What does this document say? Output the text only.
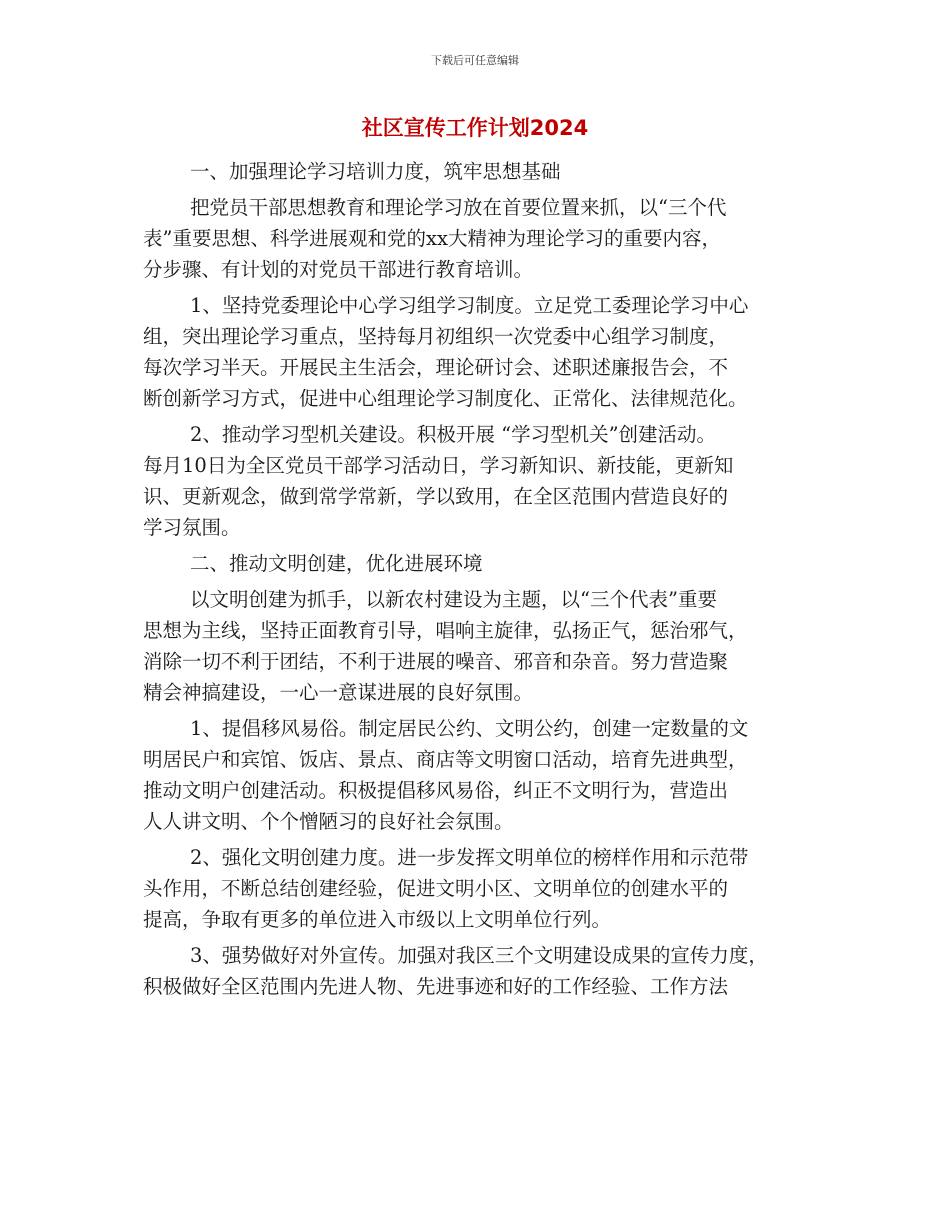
下载后可任意编辑
社区宣传工作计划2024
一、加强理论学习培训力度，筑牢思想基础
把党员干部思想教育和理论学习放在首要位置来抓，以“三个代
表”重要思想、科学进展观和党的xx大精神为理论学习的重要内容，
分步骤、有计划的对党员干部进行教育培训。
1、坚持党委理论中心学习组学习制度。立足党工委理论学习中心
组，突出理论学习重点，坚持每月初组织一次党委中心组学习制度，
每次学习半天。开展民主生活会，理论研讨会、述职述廉报告会，不
断创新学习方式，促进中心组理论学习制度化、正常化、法律规范化。
2、推动学习型机关建设。积极开展 “学习型机关”创建活动。
每月10日为全区党员干部学习活动日，学习新知识、新技能，更新知
识、更新观念，做到常学常新，学以致用，在全区范围内营造良好的
学习氛围。
二、推动文明创建，优化进展环境
以文明创建为抓手，以新农村建设为主题，以“三个代表”重要
思想为主线，坚持正面教育引导，唱响主旋律，弘扬正气，惩治邪气，
消除一切不利于团结，不利于进展的噪音、邪音和杂音。努力营造聚
精会神搞建设，一心一意谋进展的良好氛围。
1、提倡移风易俗。制定居民公约、文明公约，创建一定数量的文
明居民户和宾馆、饭店、景点、商店等文明窗口活动，培育先进典型，
推动文明户创建活动。积极提倡移风易俗，纠正不文明行为，营造出
人人讲文明、个个憎陋习的良好社会氛围。
2、强化文明创建力度。进一步发挥文明单位的榜样作用和示范带
头作用，不断总结创建经验，促进文明小区、文明单位的创建水平的
提高，争取有更多的单位进入市级以上文明单位行列。
3、强势做好对外宣传。加强对我区三个文明建设成果的宣传力度，
积极做好全区范围内先进人物、先进事迹和好的工作经验、工作方法
